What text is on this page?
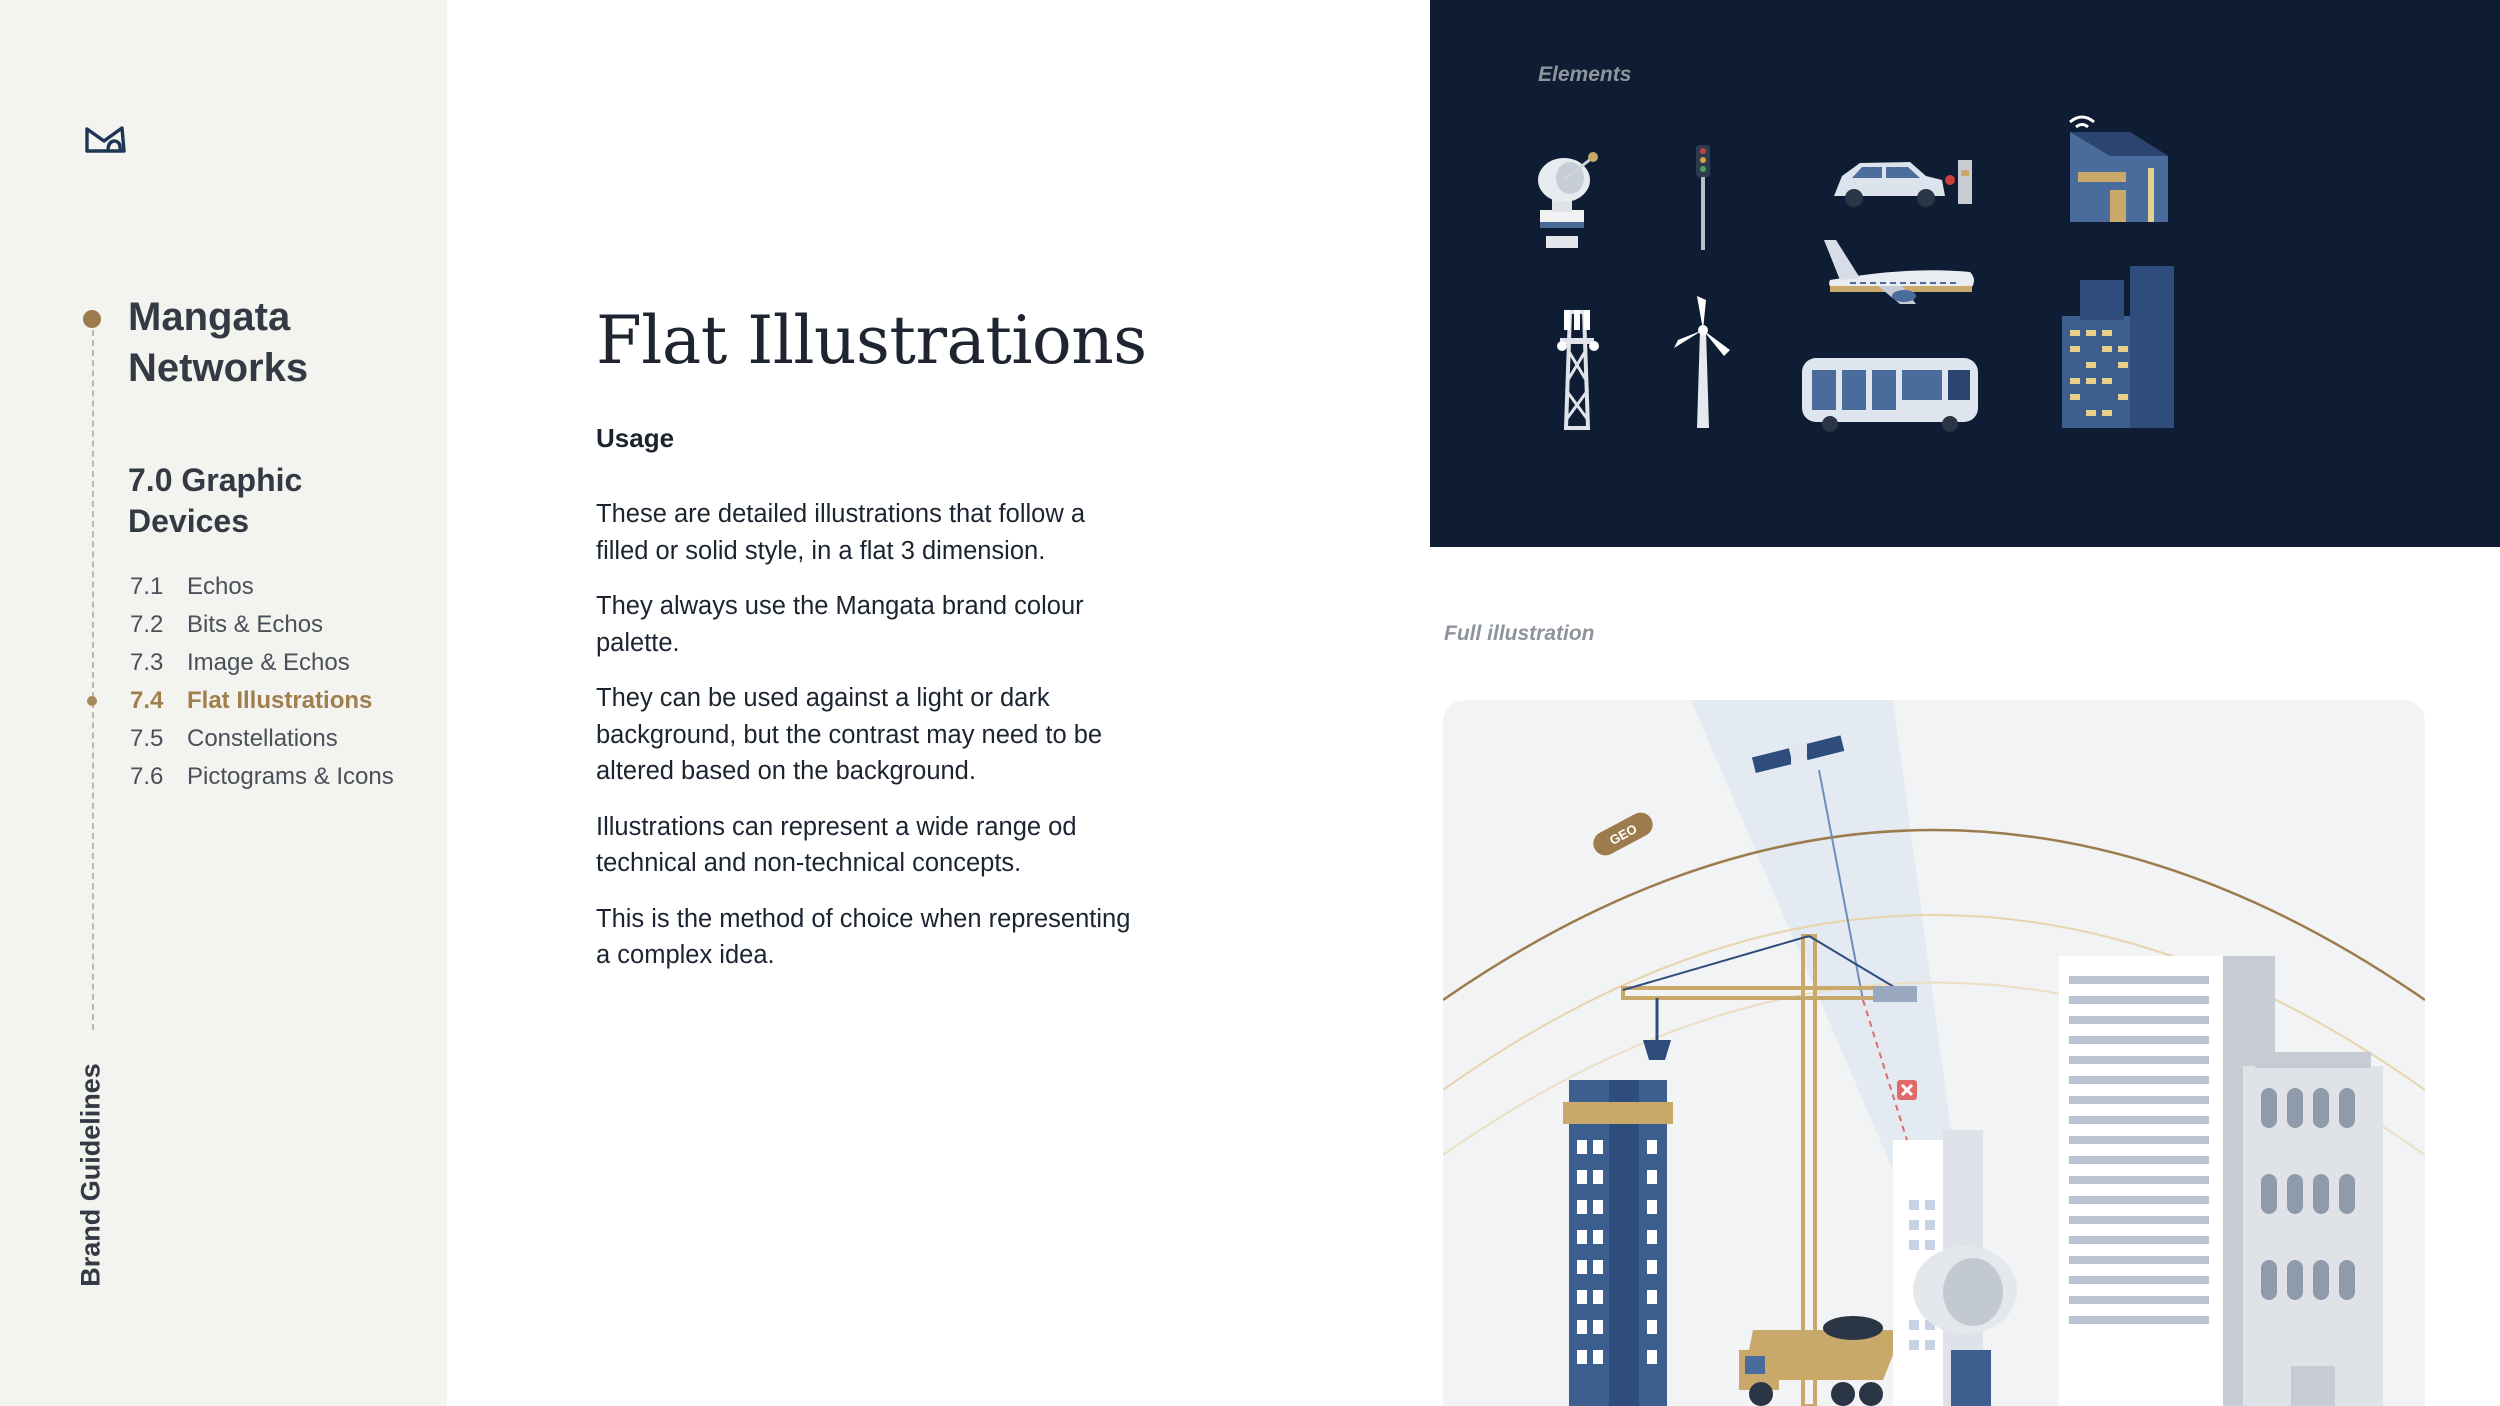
Mangata
Networks
7.0 Graphic
Devices
7.1 Echos
7.2 Bits & Echos
7.3 Image & Echos
7.4 Flat Illustrations
7.5 Constellations
7.6 Pictograms & Icons
Brand Guidelines
Flat Illustrations
Usage

These are detailed illustrations that follow a filled or solid style, in a flat 3 dimension.

They always use the Mangata brand colour palette.

They can be used against a light or dark background, but the contrast may need to be altered based on the background.

Illustrations can represent a wide range od technical and non-technical concepts.

This is the method of choice when representing a complex idea.

Elements
Full illustration
GEO
